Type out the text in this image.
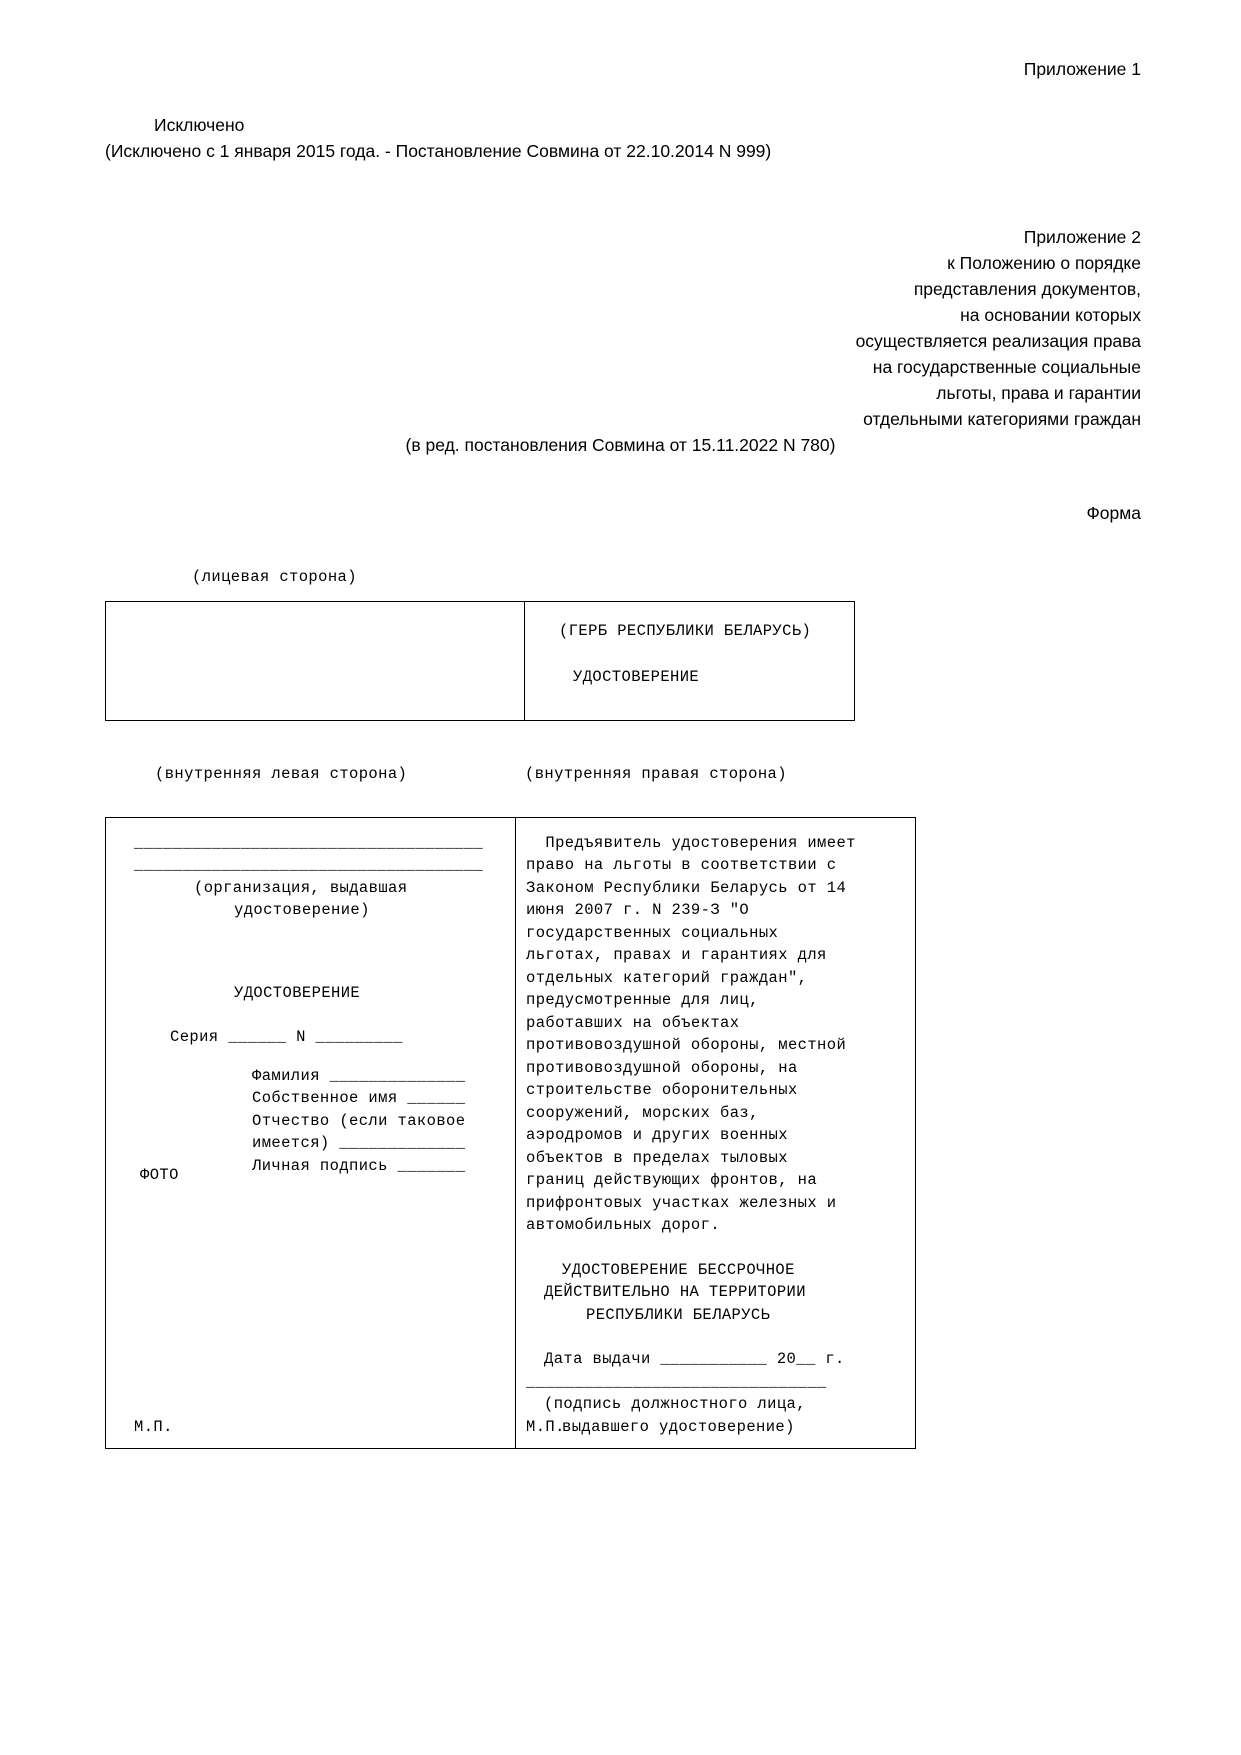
Приложение 1
Исключено
(Исключено с 1 января 2015 года. - Постановление Совмина от 22.10.2014 N 999)
Приложение 2
к Положению о порядке
представления документов,
на основании которых
осуществляется реализация права
на государственные социальные
льготы, права и гарантии
отдельными категориями граждан
(в ред. постановления Совмина от 15.11.2022 N 780)
Форма
(лицевая сторона)

(ГЕРБ РЕСПУБЛИКИ БЕЛАРУСЬ)
УДОСТОВЕРЕНИЕ
(внутренняя левая сторона)	(внутренняя правая сторона)
____________________________________
____________________________________
(организация, выдавшая
удостоверение)
УДОСТОВЕРЕНИЕ
Серия ______ N _________
Фамилия ______________
Собственное имя ______
Отчество (если таковое
имеется) _____________
Личная подпись _______
ФОТО
М.П.

Предъявитель удостоверения имеет
право на льготы в соответствии с
Законом Республики Беларусь от 14
июня 2007 г. N 239-З "О
государственных социальных
льготах, правах и гарантиях для
отдельных категорий граждан",
предусмотренные для лиц,
работавших на объектах
противовоздушной обороны, местной
противовоздушной обороны, на
строительстве оборонительных
сооружений, морских баз,
аэродромов и других военных
объектов в пределах тыловых
границ действующих фронтов, на
прифронтовых участках железных и
автомобильных дорог.
УДОСТОВЕРЕНИЕ БЕССРОЧНОЕ
ДЕЙСТВИТЕЛЬНО НА ТЕРРИТОРИИ
РЕСПУБЛИКИ БЕЛАРУСЬ
Дата выдачи ___________ 20__ г.
_______________________________
(подпись должностного лица,
выдавшего удостоверение)
М.П.
